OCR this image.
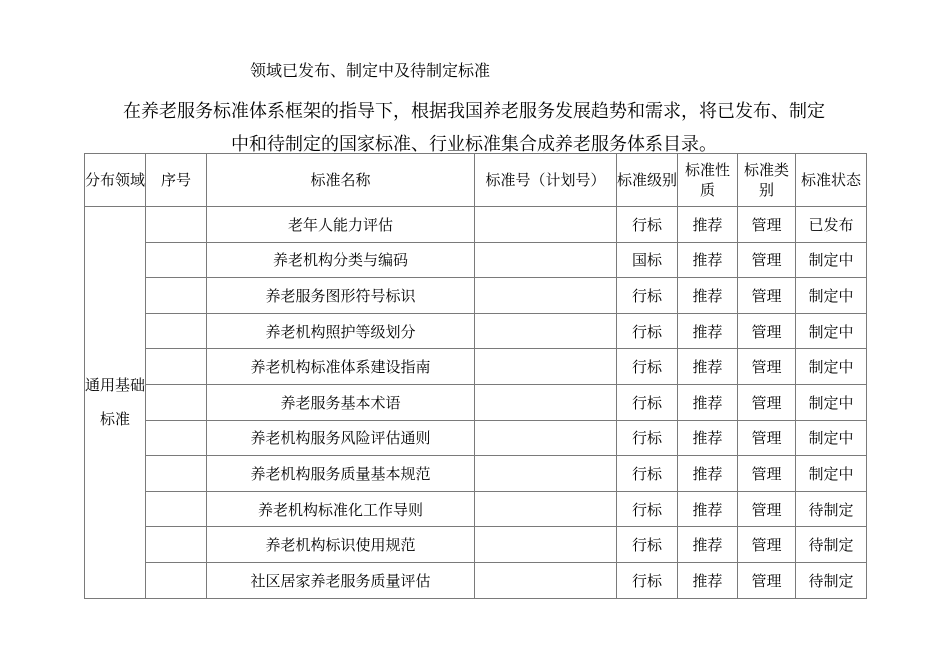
领域已发布、制定中及待制定标准
在养老服务标准体系框架的指导下，根据我国养老服务发展趋势和需求，将已发布、制定
中和待制定的国家标准、行业标准集合成养老服务体系目录。
分布领域	序号	标准名称	标准号（计划号）	标准级别	标准性质	标准类别	标准状态
通用基础标准		老年人能力评估		行标	推荐	管理	已发布
		养老机构分类与编码		国标	推荐	管理	制定中
		养老服务图形符号标识		行标	推荐	管理	制定中
		养老机构照护等级划分		行标	推荐	管理	制定中
		养老机构标准体系建设指南		行标	推荐	管理	制定中
		养老服务基本术语		行标	推荐	管理	制定中
		养老机构服务风险评估通则		行标	推荐	管理	制定中
		养老机构服务质量基本规范		行标	推荐	管理	制定中
		养老机构标准化工作导则		行标	推荐	管理	待制定
		养老机构标识使用规范		行标	推荐	管理	待制定
		社区居家养老服务质量评估		行标	推荐	管理	待制定
